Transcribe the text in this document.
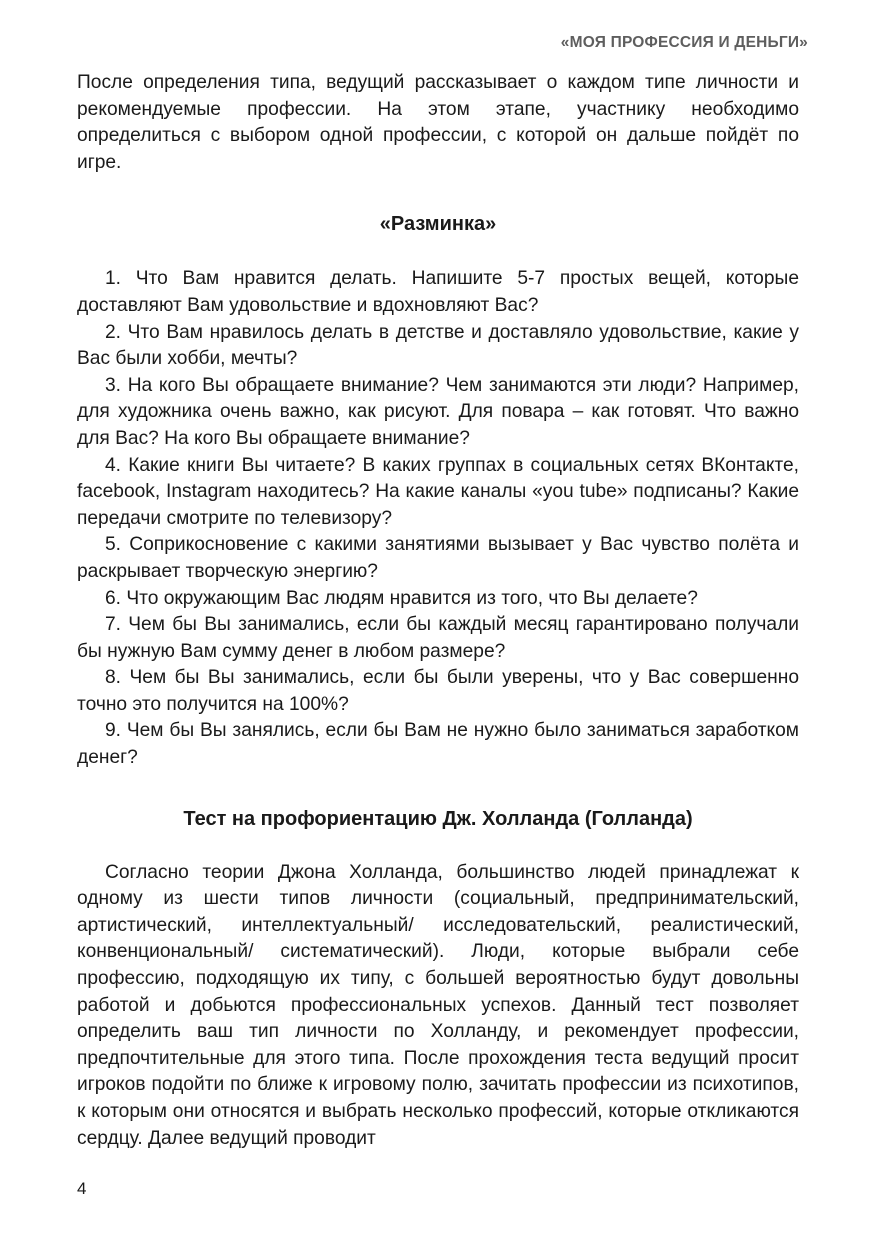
«МОЯ ПРОФЕССИЯ И ДЕНЬГИ»

После определения типа, ведущий рассказывает о каждом типе личности и рекомендуемые профессии. На этом этапе, участнику необходимо определиться с выбором одной профессии, с которой он дальше пойдёт по игре.

«Разминка»

1. Что Вам нравится делать. Напишите 5-7 простых вещей, которые доставляют Вам удовольствие и вдохновляют Вас?

2. Что Вам нравилось делать в детстве и доставляло удовольствие, какие у Вас были хобби, мечты?

3. На кого Вы обращаете внимание? Чем занимаются эти люди? Например, для художника очень важно, как рисуют. Для повара – как готовят. Что важно для Вас? На кого Вы обращаете внимание?

4. Какие книги Вы читаете? В каких группах в социальных сетях ВКонтакте, facebook, Instagram находитесь? На какие каналы «you tube» подписаны? Какие передачи смотрите по телевизору?

5. Соприкосновение с какими занятиями вызывает у Вас чувство полёта и раскрывает творческую энергию?

6. Что окружающим Вас людям нравится из того, что Вы делаете?

7. Чем бы Вы занимались, если бы каждый месяц гарантировано получали бы нужную Вам сумму денег в любом размере?

8. Чем бы Вы занимались, если бы были уверены, что у Вас совершенно точно это получится на 100%?

9. Чем бы Вы занялись, если бы Вам не нужно было заниматься заработком денег?

Тест на профориентацию Дж. Холланда (Голланда)

Согласно теории Джона Холланда, большинство людей принадлежат к одному из шести типов личности (социальный, предпринимательский, артистический, интеллектуальный/ исследовательский, реалистический, конвенциональный/ систематический). Люди, которые выбрали себе профессию, подходящую их типу, с большей вероятностью будут довольны работой и добьются профессиональных успехов. Данный тест позволяет определить ваш тип личности по Холланду, и рекомендует профессии, предпочтительные для этого типа. После прохождения теста ведущий просит игроков подойти по ближе к игровому полю, зачитать профессии из психотипов, к которым они относятся и выбрать несколько профессий, которые откликаются сердцу. Далее ведущий проводит

4
